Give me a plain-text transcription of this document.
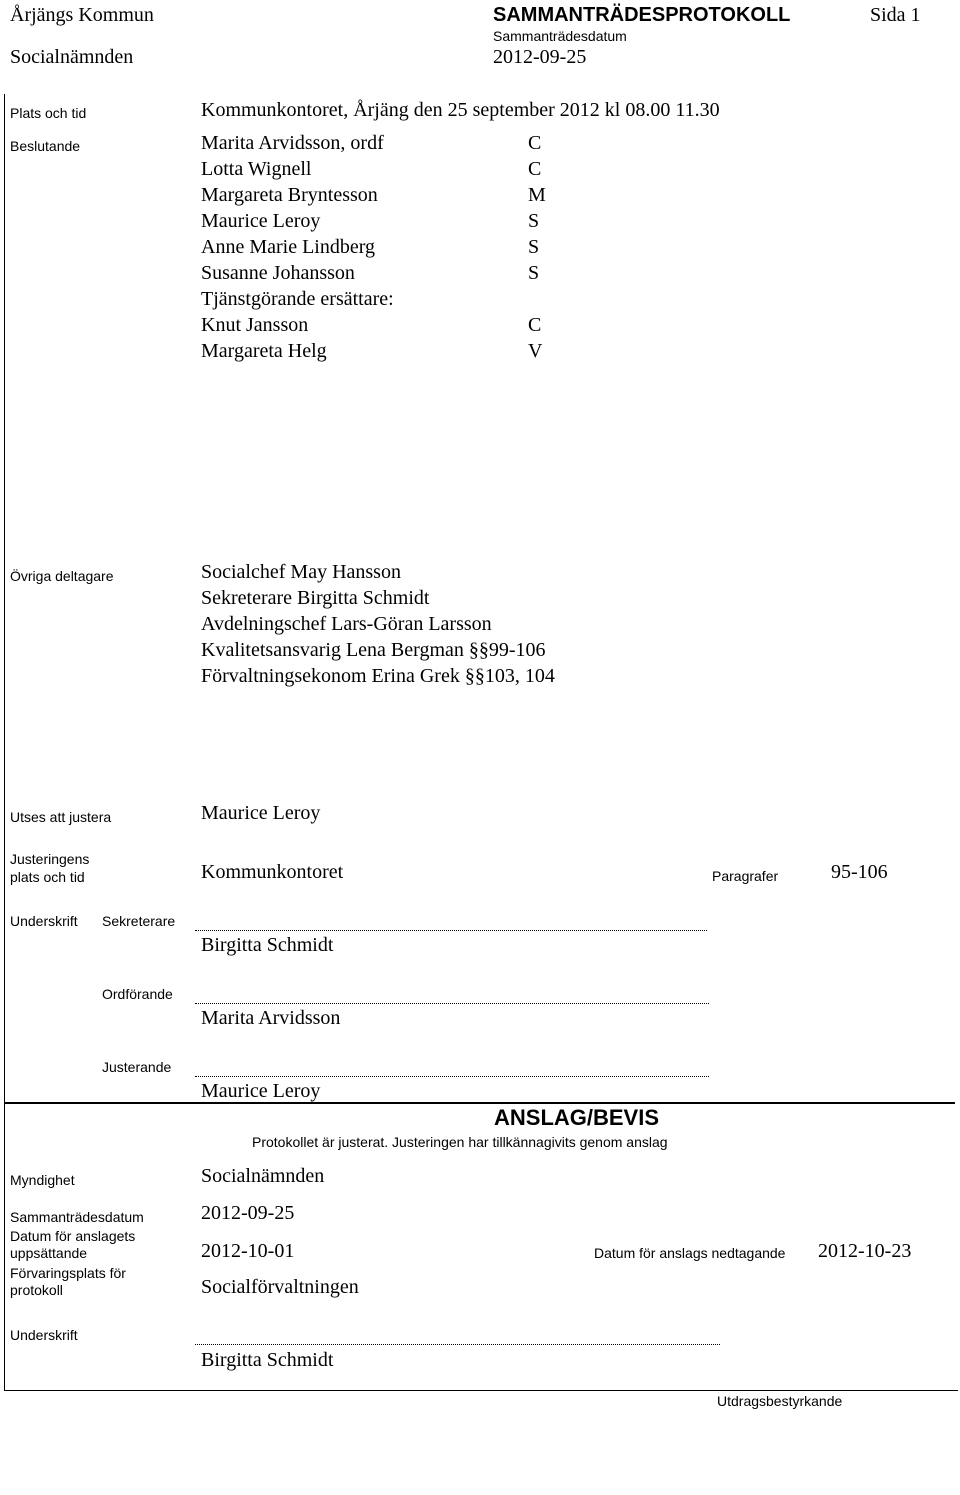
Årjängs Kommun
Socialnämnden
SAMMANTRÄDESPROTOKOLL
Sammanträdesdatum
2012-09-25
Sida 1
Plats och tid	Kommunkontoret, Årjäng den 25 september 2012 kl 08.00 11.30
Beslutande	Marita Arvidsson, ordf	C
Lotta Wignell	C
Margareta Bryntesson	M
Maurice Leroy	S
Anne Marie Lindberg	S
Susanne Johansson	S
Tjänstgörande ersättare:
Knut Jansson	C
Margareta Helg	V
Övriga deltagare	Socialchef May Hansson
Sekreterare Birgitta Schmidt
Avdelningschef Lars-Göran Larsson
Kvalitetsansvarig Lena Bergman §§99-106
Förvaltningsekonom Erina Grek §§103, 104
Utses att justera	Maurice Leroy
Justeringens
plats och tid	Kommunkontoret	Paragrafer	95-106
Underskrift Sekreterare
Birgitta Schmidt
Ordförande
Marita Arvidsson
Justerande
Maurice Leroy
ANSLAG/BEVIS
Protokollet är justerat. Justeringen har tillkännagivits genom anslag
Myndighet	Socialnämnden
Sammanträdesdatum	2012-09-25
Datum för anslagets
uppsättande	2012-10-01	Datum för anslags nedtagande 2012-10-23
Förvaringsplats för
protokoll	Socialförvaltningen
Underskrift
Birgitta Schmidt
Utdragsbestyrkande
